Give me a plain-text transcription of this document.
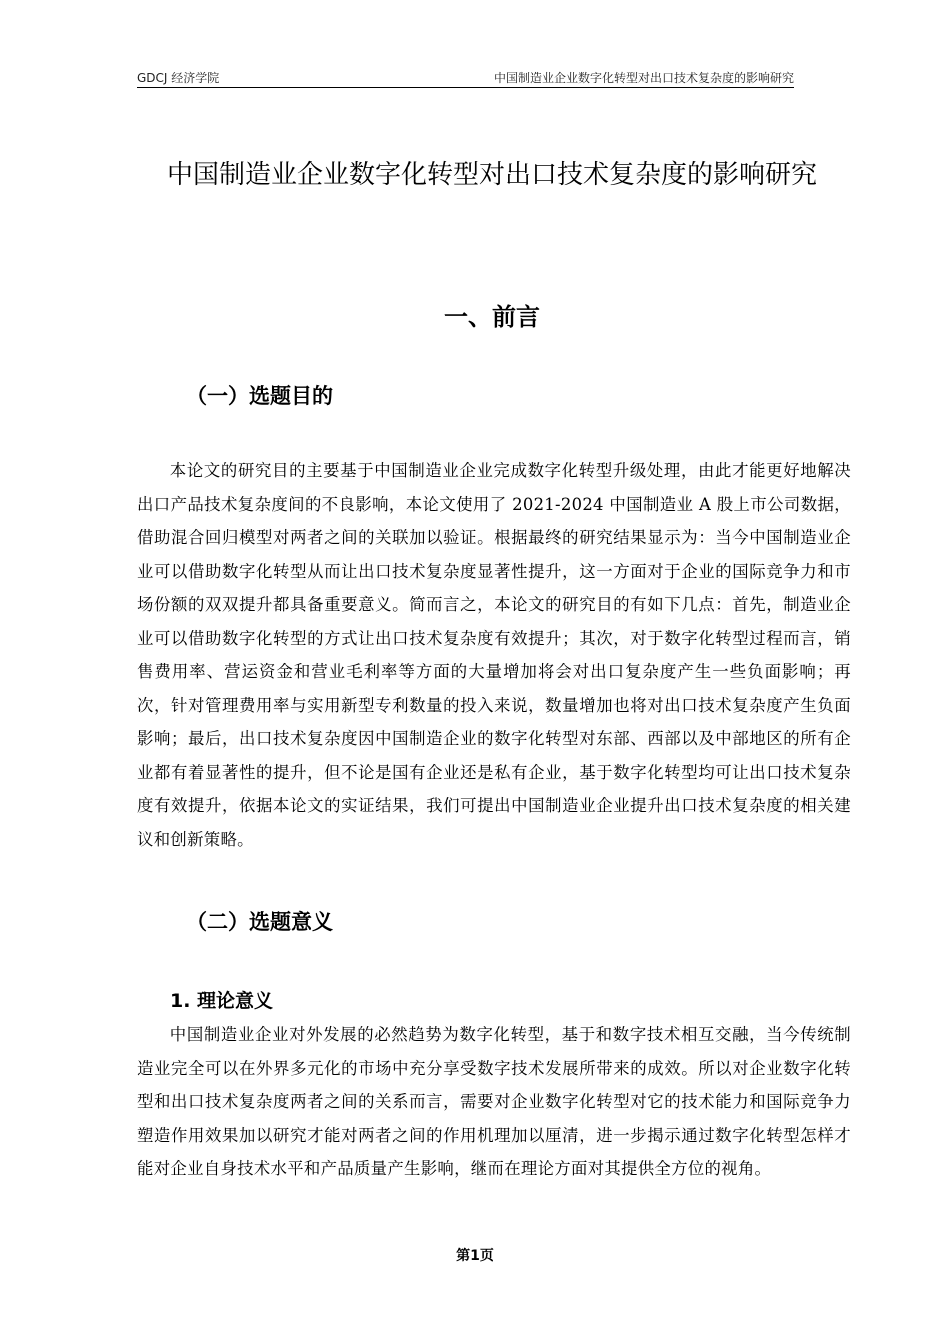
GDCJ 经济学院	中国制造业企业数字化转型对出口技术复杂度的影响研究
中国制造业企业数字化转型对出口技术复杂度的影响研究
一、前言
（一）选题目的

本论文的研究目的主要基于中国制造业企业完成数字化转型升级处理，由此才能更好地解决出口产品技术复杂度间的不良影响，本论文使用了 2021-2024 中国制造业 A 股上市公司数据，借助混合回归模型对两者之间的关联加以验证。根据最终的研究结果显示为：当今中国制造业企业可以借助数字化转型从而让出口技术复杂度显著性提升，这一方面对于企业的国际竞争力和市场份额的双双提升都具备重要意义。简而言之，本论文的研究目的有如下几点：首先，制造业企业可以借助数字化转型的方式让出口技术复杂度有效提升；其次，对于数字化转型过程而言，销售费用率、营运资金和营业毛利率等方面的大量增加将会对出口复杂度产生一些负面影响；再次，针对管理费用率与实用新型专利数量的投入来说，数量增加也将对出口技术复杂度产生负面影响；最后，出口技术复杂度因中国制造企业的数字化转型对东部、西部以及中部地区的所有企业都有着显著性的提升，但不论是国有企业还是私有企业，基于数字化转型均可让出口技术复杂度有效提升，依据本论文的实证结果，我们可提出中国制造业企业提升出口技术复杂度的相关建议和创新策略。

（二）选题意义
1. 理论意义

中国制造业企业对外发展的必然趋势为数字化转型，基于和数字技术相互交融，当今传统制造业完全可以在外界多元化的市场中充分享受数字技术发展所带来的成效。所以对企业数字化转型和出口技术复杂度两者之间的关系而言，需要对企业数字化转型对它的技术能力和国际竞争力塑造作用效果加以研究才能对两者之间的作用机理加以厘清，进一步揭示通过数字化转型怎样才能对企业自身技术水平和产品质量产生影响，继而在理论方面对其提供全方位的视角。

第1页
